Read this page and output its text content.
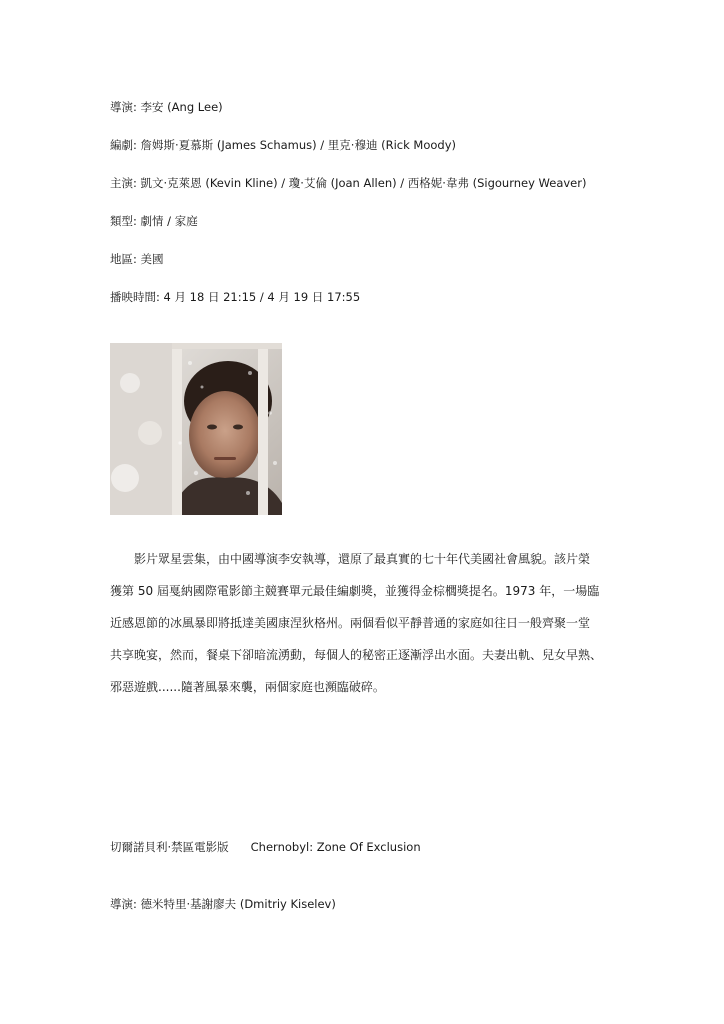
導演: 李安 (Ang Lee)
編劇: 詹姆斯·夏慕斯 (James Schamus) / 里克·穆迪 (Rick Moody)
主演: 凱文·克萊恩 (Kevin Kline) / 瓊·艾倫 (Joan Allen) / 西格妮·韋弗 (Sigourney Weaver)
類型: 劇情 / 家庭
地區: 美國
播映時間: 4 月 18 日 21:15 / 4 月 19 日 17:55
影片眾星雲集，由中國導演李安執導，還原了最真實的七十年代美國社會風貌。該片榮
獲第 50 屆戛納國際電影節主競賽單元最佳編劇獎，並獲得金棕櫚獎提名。1973 年，一場臨
近感恩節的冰風暴即將抵達美國康涅狄格州。兩個看似平靜普通的家庭如往日一般齊聚一堂
共享晚宴，然而，餐桌下卻暗流湧動，每個人的秘密正逐漸浮出水面。夫妻出軌、兒女早熟、
邪惡遊戲......隨著風暴來襲，兩個家庭也瀕臨破碎。
切爾諾貝利·禁區電影版 Chernobyl: Zone Of Exclusion
導演: 德米特里·基謝廖夫 (Dmitriy Kiselev)
